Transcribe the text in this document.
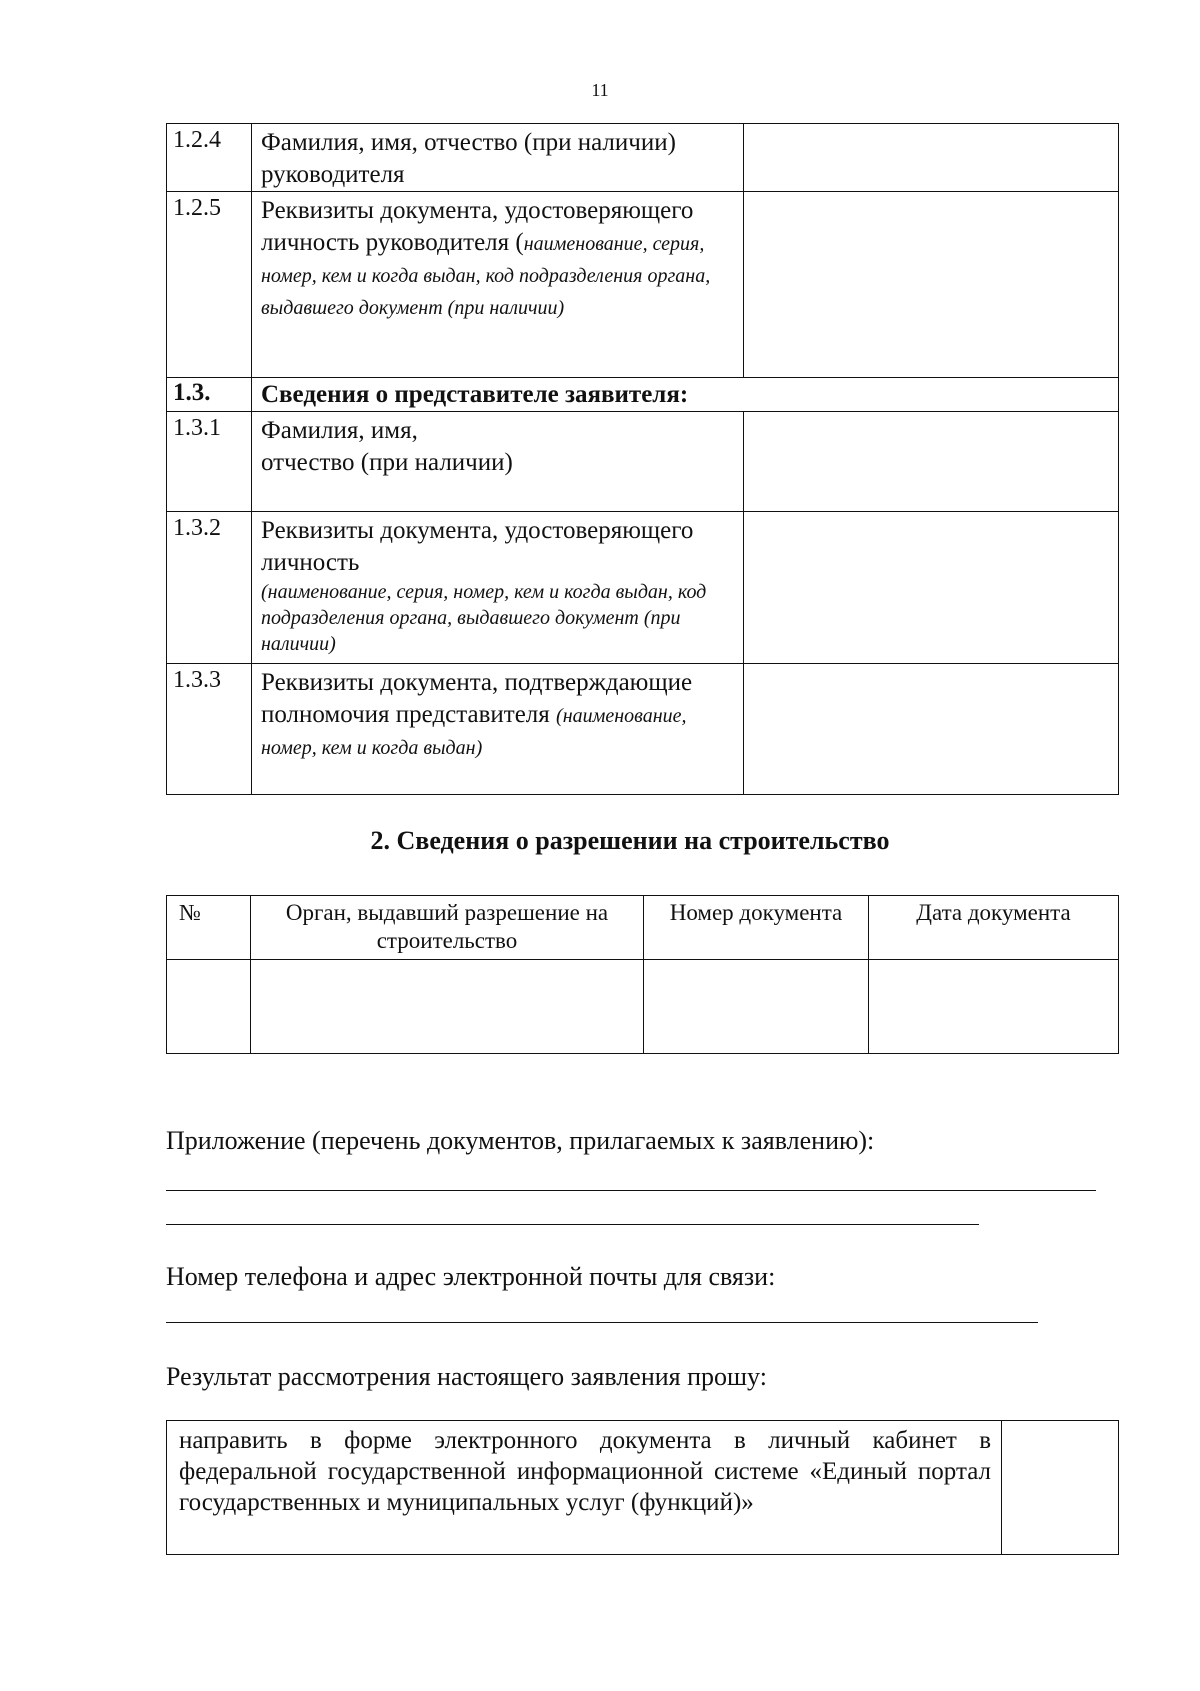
11
1.2.4	Фамилия, имя, отчество (при наличии) руководителя	
1.2.5	Реквизиты документа, удостоверяющего личность руководителя (наименование, серия, номер, кем и когда выдан, код подразделения органа, выдавшего документ (при наличии)	
1.3.	Сведения о представителе заявителя:	
1.3.1	Фамилия, имя,
отчество (при наличии)	

1.3.2	Реквизиты документа, удостоверяющего личность
(наименование, серия, номер, кем и когда выдан, код подразделения органа, выдавшего документ (при наличии)	

1.3.3	Реквизиты документа, подтверждающие полномочия представителя (наименование, номер, кем и когда выдан)	
2. Сведения о разрешении на строительство
№	Орган, выдавший разрешение на строительство	Номер документа	Дата документа

Приложение (перечень документов, прилагаемых к заявлению):
Номер телефона и адрес электронной почты для связи:
Результат рассмотрения настоящего заявления прошу:
направить в форме электронного документа в личный кабинет в федеральной государственной информационной системе «Единый портал государственных и муниципальных услуг (функций)»	
